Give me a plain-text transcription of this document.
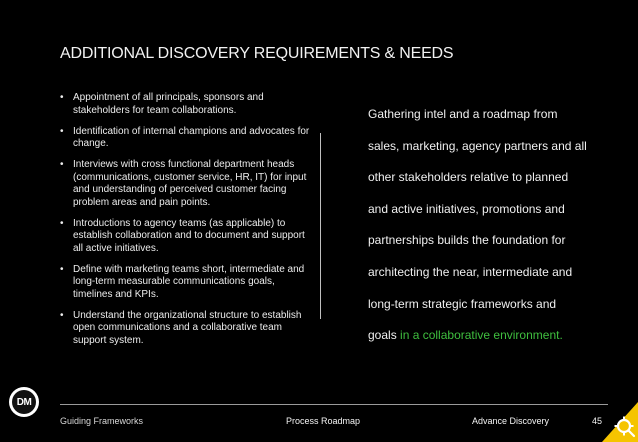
ADDITIONAL DISCOVERY REQUIREMENTS & NEEDS
• Appointment of all principals, sponsors and stakeholders for team collaborations.
• Identification of internal champions and advocates for change.
• Interviews with cross functional department heads (communications, customer service, HR, IT) for input and understanding of perceived customer facing problem areas and pain points.
• Introductions to agency teams (as applicable) to establish collaboration and to document and support all active initiatives.
• Define with marketing teams short, intermediate and long-term measurable communications goals, timelines and KPIs.
• Understand the organizational structure to establish open communications and a collaborative team support system.
Gathering intel and a roadmap from
sales, marketing, agency partners and all
other stakeholders relative to planned
and active initiatives, promotions and
partnerships builds the foundation for
architecting the near, intermediate and
long-term strategic frameworks and
goals in a collaborative environment.
DM
Guiding Frameworks	Process Roadmap	Advance Discovery	45
